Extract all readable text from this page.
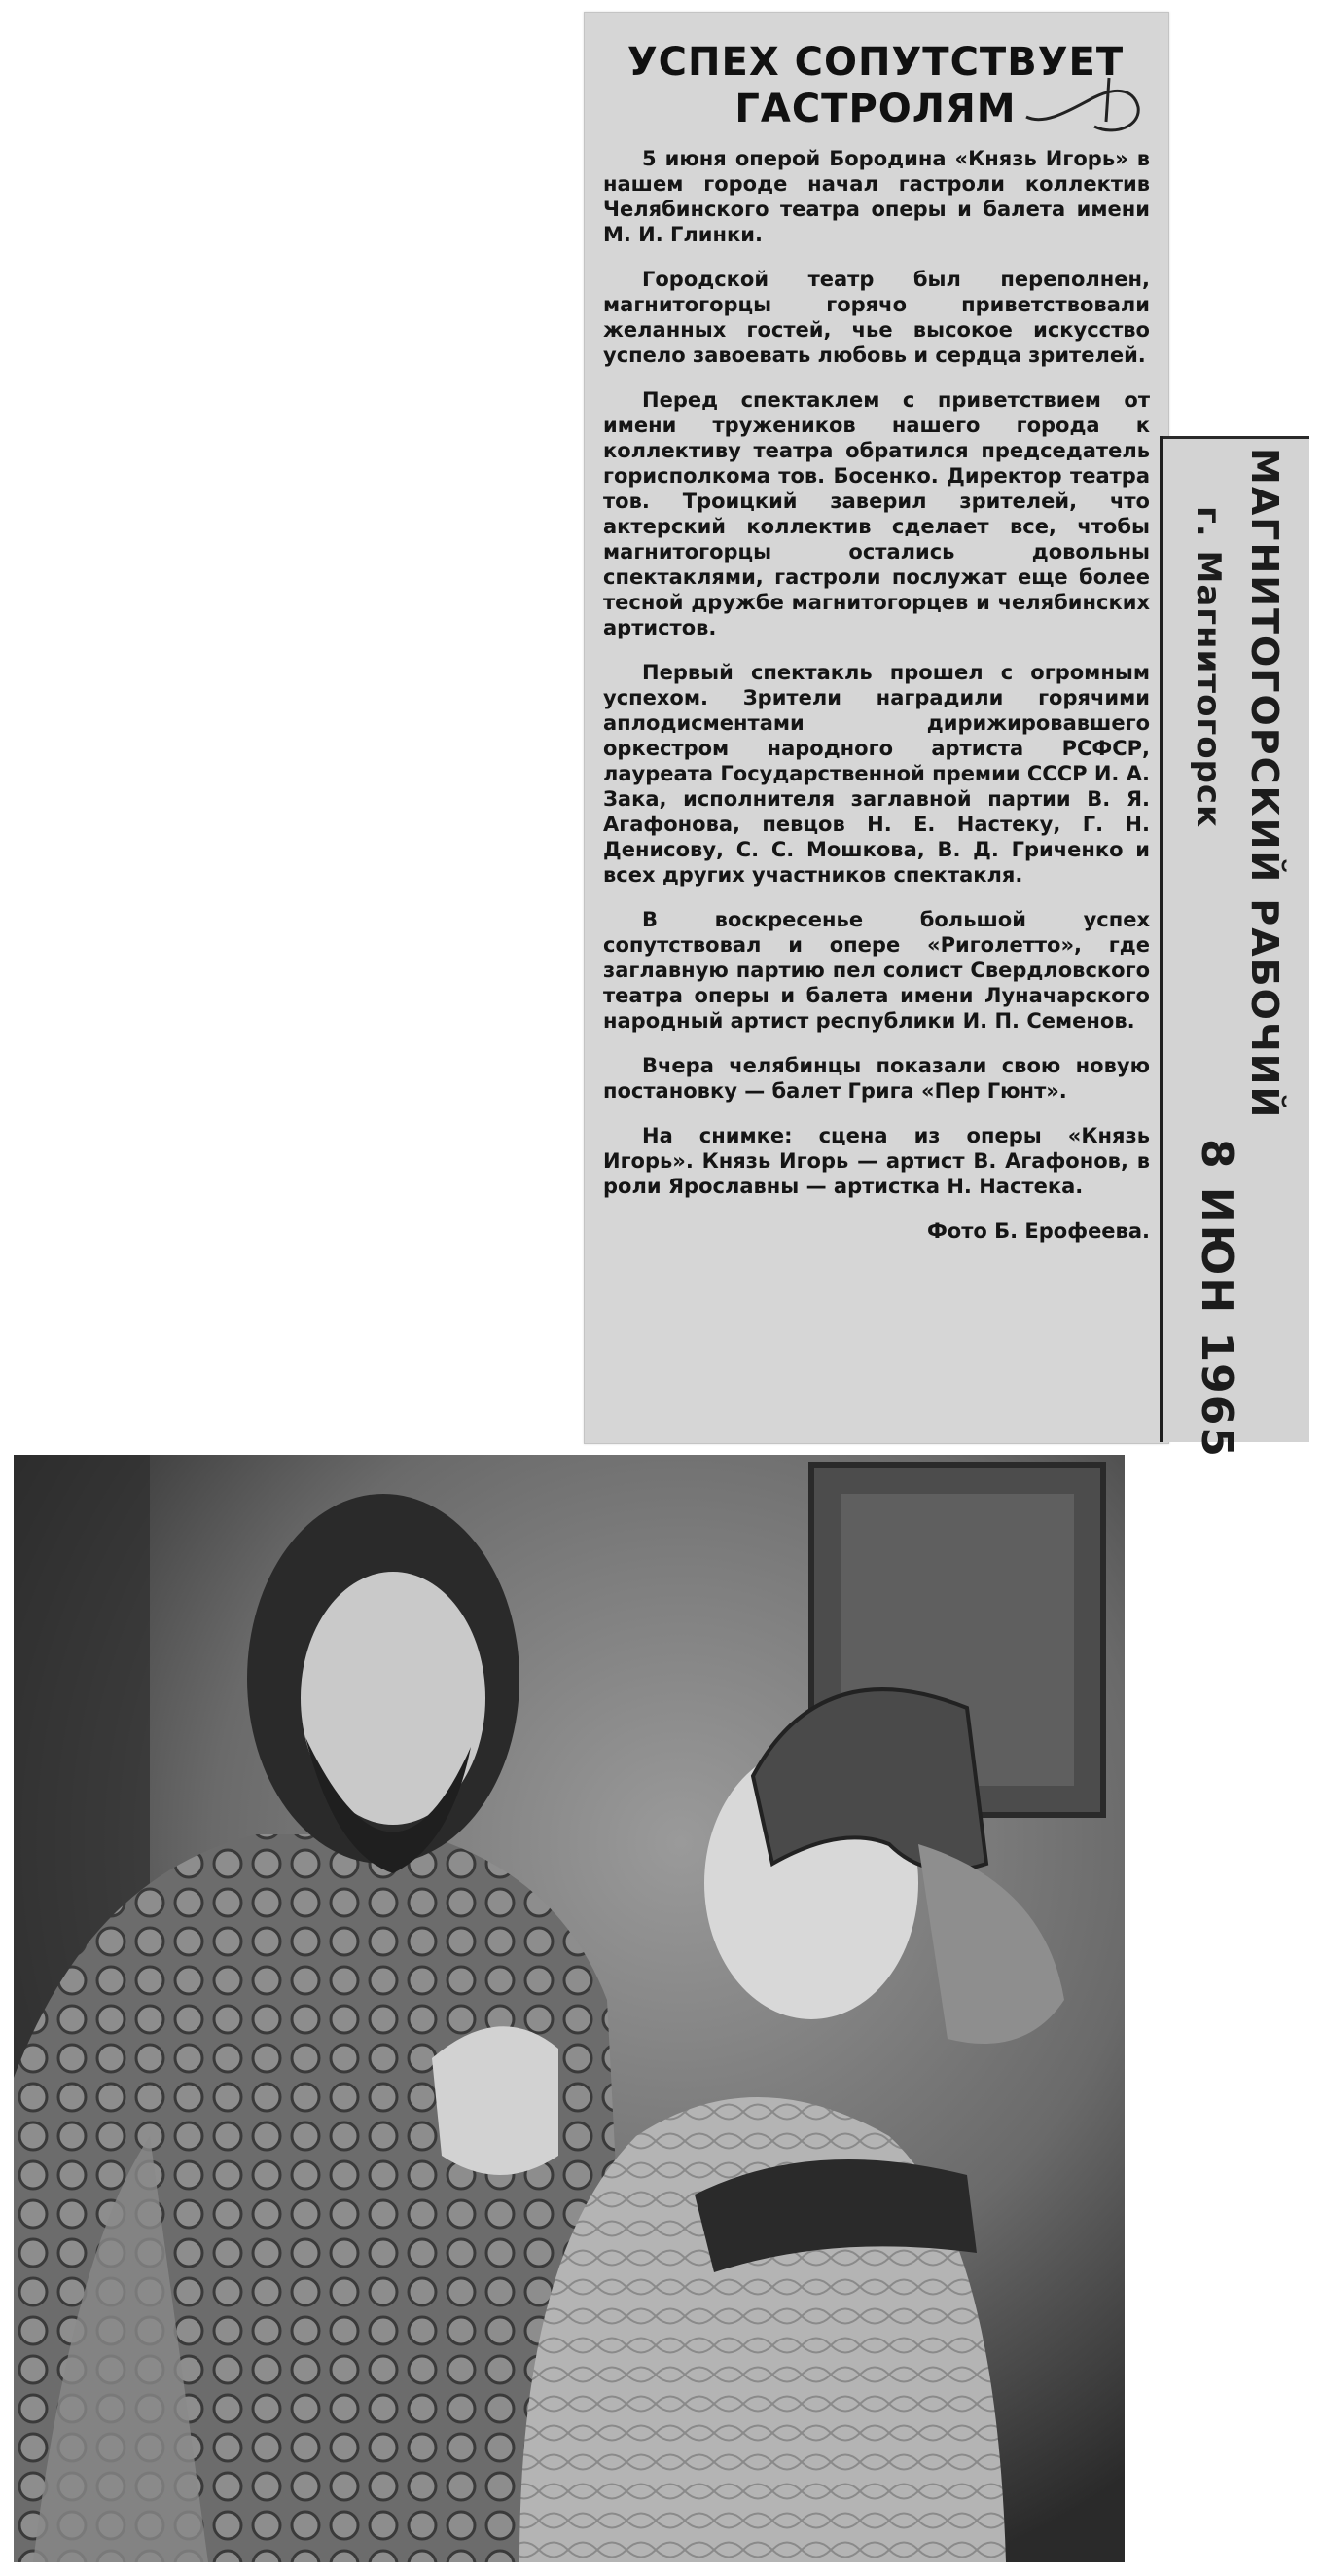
УСПЕХ СОПУТСТВУЕТ
ГАСТРОЛЯМ

5 июня оперой Бородина «Князь Игорь» в нашем городе начал гастроли коллектив Челябинского театра оперы и балета имени М. И. Глинки.

Городской театр был переполнен, магнитогорцы горячо приветствовали желанных гостей, чье высокое искусство успело завоевать любовь и сердца зрителей.

Перед спектаклем с приветствием от имени тружеников нашего города к коллективу театра обратился председатель горисполкома тов. Босенко. Директор театра тов. Троицкий заверил зрителей, что актерский коллектив сделает все, чтобы магнитогорцы остались довольны спектаклями, гастроли послужат еще более тесной дружбе магнитогорцев и челябинских артистов.

Первый спектакль прошел с огромным успехом. Зрители наградили горячими аплодисментами дирижировавшего оркестром народного артиста РСФСР, лауреата Государственной премии СССР И. А. Зака, исполнителя заглавной партии В. Я. Агафонова, певцов Н. Е. Настеку, Г. Н. Денисову, С. С. Мошкова, В. Д. Гриченко и всех других участников спектакля.

В воскресенье большой успех сопутствовал и опере «Риголетто», где заглавную партию пел солист Свердловского театра оперы и балета имени Луначарского народный артист республики И. П. Семенов.

Вчера челябинцы показали свою новую постановку — балет Грига «Пер Гюнт».

На снимке: сцена из оперы «Князь Игорь». Князь Игорь — артист В. Агафонов, в роли Ярославны — артистка Н. Настека.

Фото Б. Ерофеева.

МАГНИТОГОРСКИЙ РАБОЧИЙ
г. Магнитогорск
8 ИЮН 1965
